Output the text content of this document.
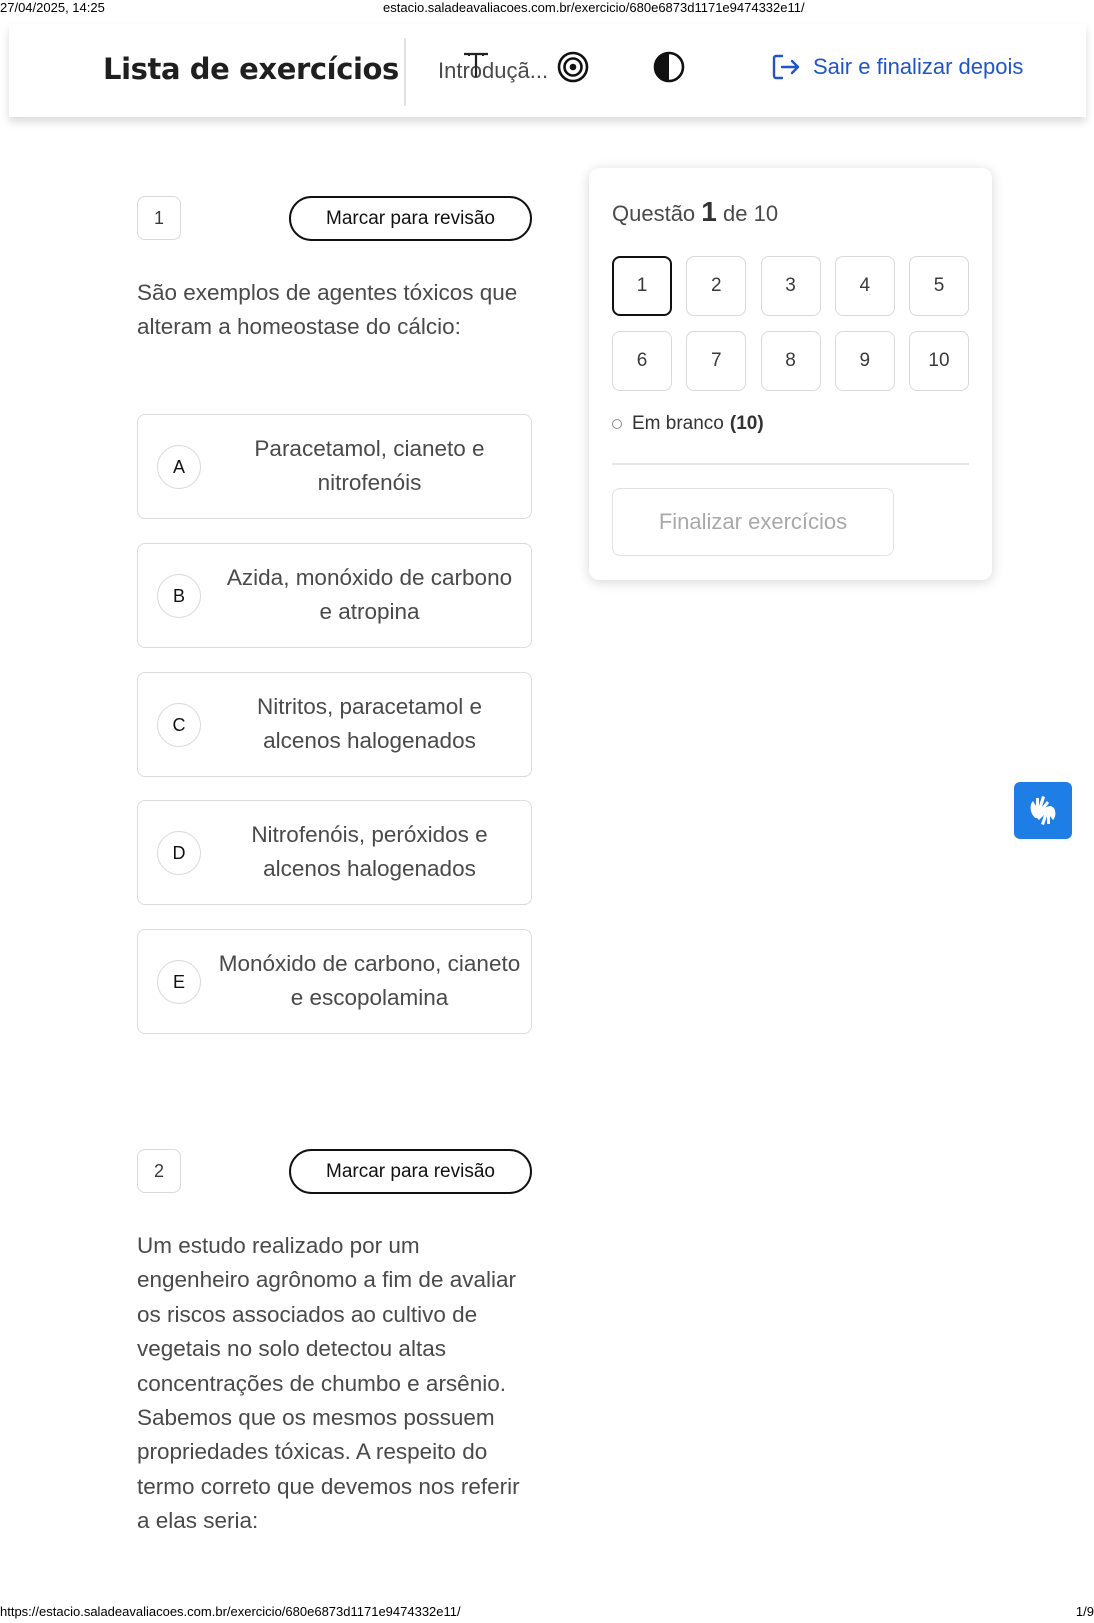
27/04/2025, 14:25	estacio.saladeavaliacoes.com.br/exercicio/680e6873d1171e9474332e11/
Lista de exercícios Introduçã...	Sair e finalizar depois
1	Marcar para revisão
São exemplos de agentes tóxicos que alteram a homeostase do cálcio:
A
Paracetamol, cianeto e nitrofenóis
B
Azida, monóxido de carbono e atropina
C
Nitritos, paracetamol e alcenos halogenados
D
Nitrofenóis, peróxidos e alcenos halogenados
E
Monóxido de carbono, cianeto e escopolamina
2	Marcar para revisão
Um estudo realizado por um engenheiro agrônomo a fim de avaliar os riscos associados ao cultivo de vegetais no solo detectou altas concentrações de chumbo e arsênio. Sabemos que os mesmos possuem propriedades tóxicas. A respeito do termo correto que devemos nos referir a elas seria:
Questão 1 de 10
1	2	3	4	5
6	7	8	9	10
Em branco (10)
Finalizar exercícios
https://estacio.saladeavaliacoes.com.br/exercicio/680e6873d1171e9474332e11/	1/9
